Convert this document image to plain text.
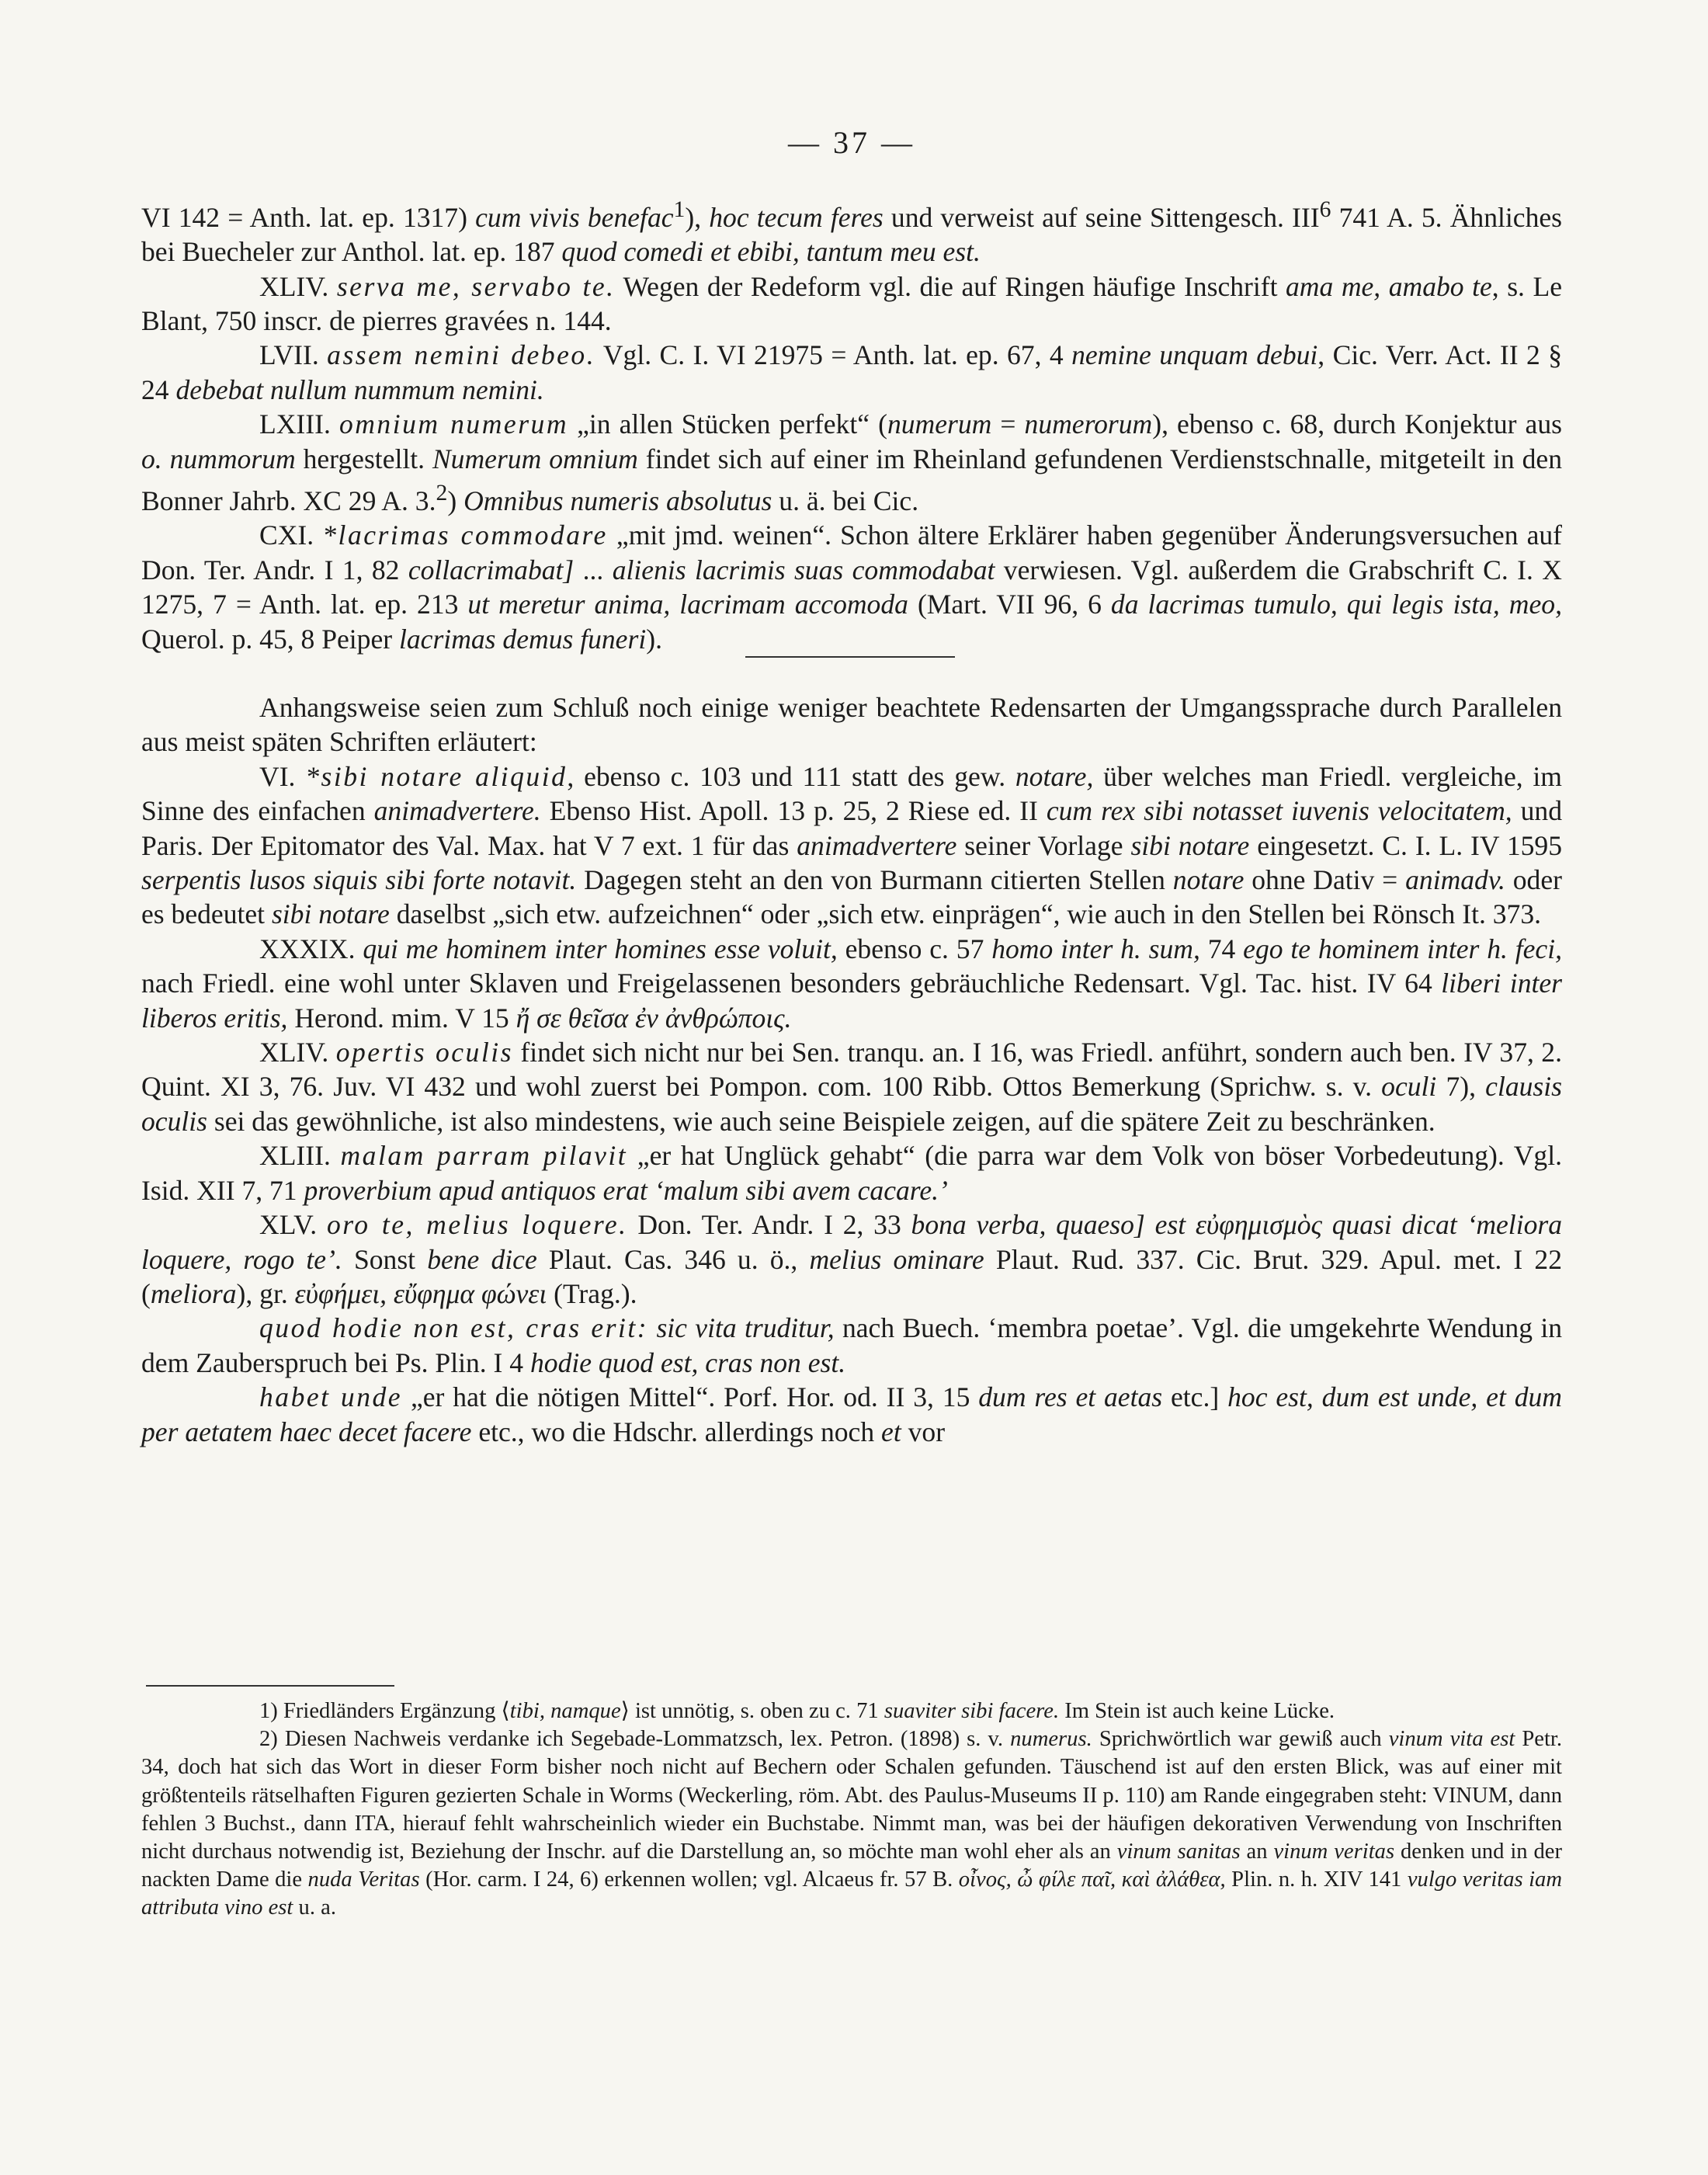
— 37 —

VI 142 = Anth. lat. ep. 1317) cum vivis benefac$^1$), hoc tecum feres und verweist auf seine Sittengesch. III$^6$ 741 A. 5. Ähnliches bei Buecheler zur Anthol. lat. ep. 187 quod comedi et ebibi, tantum meu est.

XLIV. serva me, servabo te. Wegen der Redeform vgl. die auf Ringen häufige Inschrift ama me, amabo te, s. Le Blant, 750 inscr. de pierres gravées n. 144.

LVII. assem nemini debeo. Vgl. C. I. VI 21975 = Anth. lat. ep. 67, 4 nemine unquam debui, Cic. Verr. Act. II 2 § 24 debebat nullum nummum nemini.

LXIII. omnium numerum „in allen Stücken perfekt“ (numerum = numerorum), ebenso c. 68, durch Konjektur aus o. nummorum hergestellt. Numerum omnium findet sich auf einer im Rheinland gefundenen Verdienstschnalle, mitgeteilt in den Bonner Jahrb. XC 29 A. 3.$^2$) Omnibus numeris absolutus u. ä. bei Cic.

CXI. *lacrimas commodare „mit jmd. weinen“. Schon ältere Erklärer haben gegenüber Änderungsversuchen auf Don. Ter. Andr. I 1, 82 collacrimabat] ... alienis lacrimis suas commodabat verwiesen. Vgl. außerdem die Grabschrift C. I. X 1275, 7 = Anth. lat. ep. 213 ut meretur anima, lacrimam accomoda (Mart. VII 96, 6 da lacrimas tumulo, qui legis ista, meo, Querol. p. 45, 8 Peiper lacrimas demus funeri).

Anhangsweise seien zum Schluß noch einige weniger beachtete Redensarten der Umgangssprache durch Parallelen aus meist späten Schriften erläutert:

VI. *sibi notare aliquid, ebenso c. 103 und 111 statt des gew. notare, über welches man Friedl. vergleiche, im Sinne des einfachen animadvertere. Ebenso Hist. Apoll. 13 p. 25, 2 Riese ed. II cum rex sibi notasset iuvenis velocitatem, und Paris. Der Epitomator des Val. Max. hat V 7 ext. 1 für das animadvertere seiner Vorlage sibi notare eingesetzt. C. I. L. IV 1595 serpentis lusos siquis sibi forte notavit. Dagegen steht an den von Burmann citierten Stellen notare ohne Dativ = animadv. oder es bedeutet sibi notare daselbst „sich etw. aufzeichnen“ oder „sich etw. einprägen“, wie auch in den Stellen bei Rönsch It. 373.

XXXIX. qui me hominem inter homines esse voluit, ebenso c. 57 homo inter h. sum, 74 ego te hominem inter h. feci, nach Friedl. eine wohl unter Sklaven und Freigelassenen besonders gebräuchliche Redensart. Vgl. Tac. hist. IV 64 liberi inter liberos eritis, Herond. mim. V 15 ἤ σε θεῖσα ἐν ἀνθρώποις.

XLIV. opertis oculis findet sich nicht nur bei Sen. tranqu. an. I 16, was Friedl. anführt, sondern auch ben. IV 37, 2. Quint. XI 3, 76. Juv. VI 432 und wohl zuerst bei Pompon. com. 100 Ribb. Ottos Bemerkung (Sprichw. s. v. oculi 7), clausis oculis sei das gewöhnliche, ist also mindestens, wie auch seine Beispiele zeigen, auf die spätere Zeit zu beschränken.

XLIII. malam parram pilavit „er hat Unglück gehabt“ (die parra war dem Volk von böser Vorbedeutung). Vgl. Isid. XII 7, 71 proverbium apud antiquos erat ‘malum sibi avem cacare.’

XLV. oro te, melius loquere. Don. Ter. Andr. I 2, 33 bona verba, quaeso] est εὐφημισμὸς quasi dicat ‘meliora loquere, rogo te’. Sonst bene dice Plaut. Cas. 346 u. ö., melius ominare Plaut. Rud. 337. Cic. Brut. 329. Apul. met. I 22 (meliora), gr. εὐφήμει, εὔφημα φώνει (Trag.).

quod hodie non est, cras erit: sic vita truditur, nach Buech. ‘membra poetae’. Vgl. die umgekehrte Wendung in dem Zauberspruch bei Ps. Plin. I 4 hodie quod est, cras non est.

habet unde „er hat die nötigen Mittel“. Porf. Hor. od. II 3, 15 dum res et aetas etc.] hoc est, dum est unde, et dum per aetatem haec decet facere etc., wo die Hdschr. allerdings noch et vor

1) Friedländers Ergänzung ⟨tibi, namque⟩ ist unnötig, s. oben zu c. 71 suaviter sibi facere. Im Stein ist auch keine Lücke.

2) Diesen Nachweis verdanke ich Segebade-Lommatzsch, lex. Petron. (1898) s. v. numerus. Sprichwörtlich war gewiß auch vinum vita est Petr. 34, doch hat sich das Wort in dieser Form bisher noch nicht auf Bechern oder Schalen gefunden. Täuschend ist auf den ersten Blick, was auf einer mit größtenteils rätselhaften Figuren gezierten Schale in Worms (Weckerling, röm. Abt. des Paulus-Museums II p. 110) am Rande eingegraben steht: VINUM, dann fehlen 3 Buchst., dann ITA, hierauf fehlt wahrscheinlich wieder ein Buchstabe. Nimmt man, was bei der häufigen dekorativen Verwendung von Inschriften nicht durchaus notwendig ist, Beziehung der Inschr. auf die Darstellung an, so möchte man wohl eher als an vinum sanitas an vinum veritas denken und in der nackten Dame die nuda Veritas (Hor. carm. I 24, 6) erkennen wollen; vgl. Alcaeus fr. 57 B. οἶνος, ὦ φίλε παῖ, καὶ ἀλάθεα, Plin. n. h. XIV 141 vulgo veritas iam attributa vino est u. a.
